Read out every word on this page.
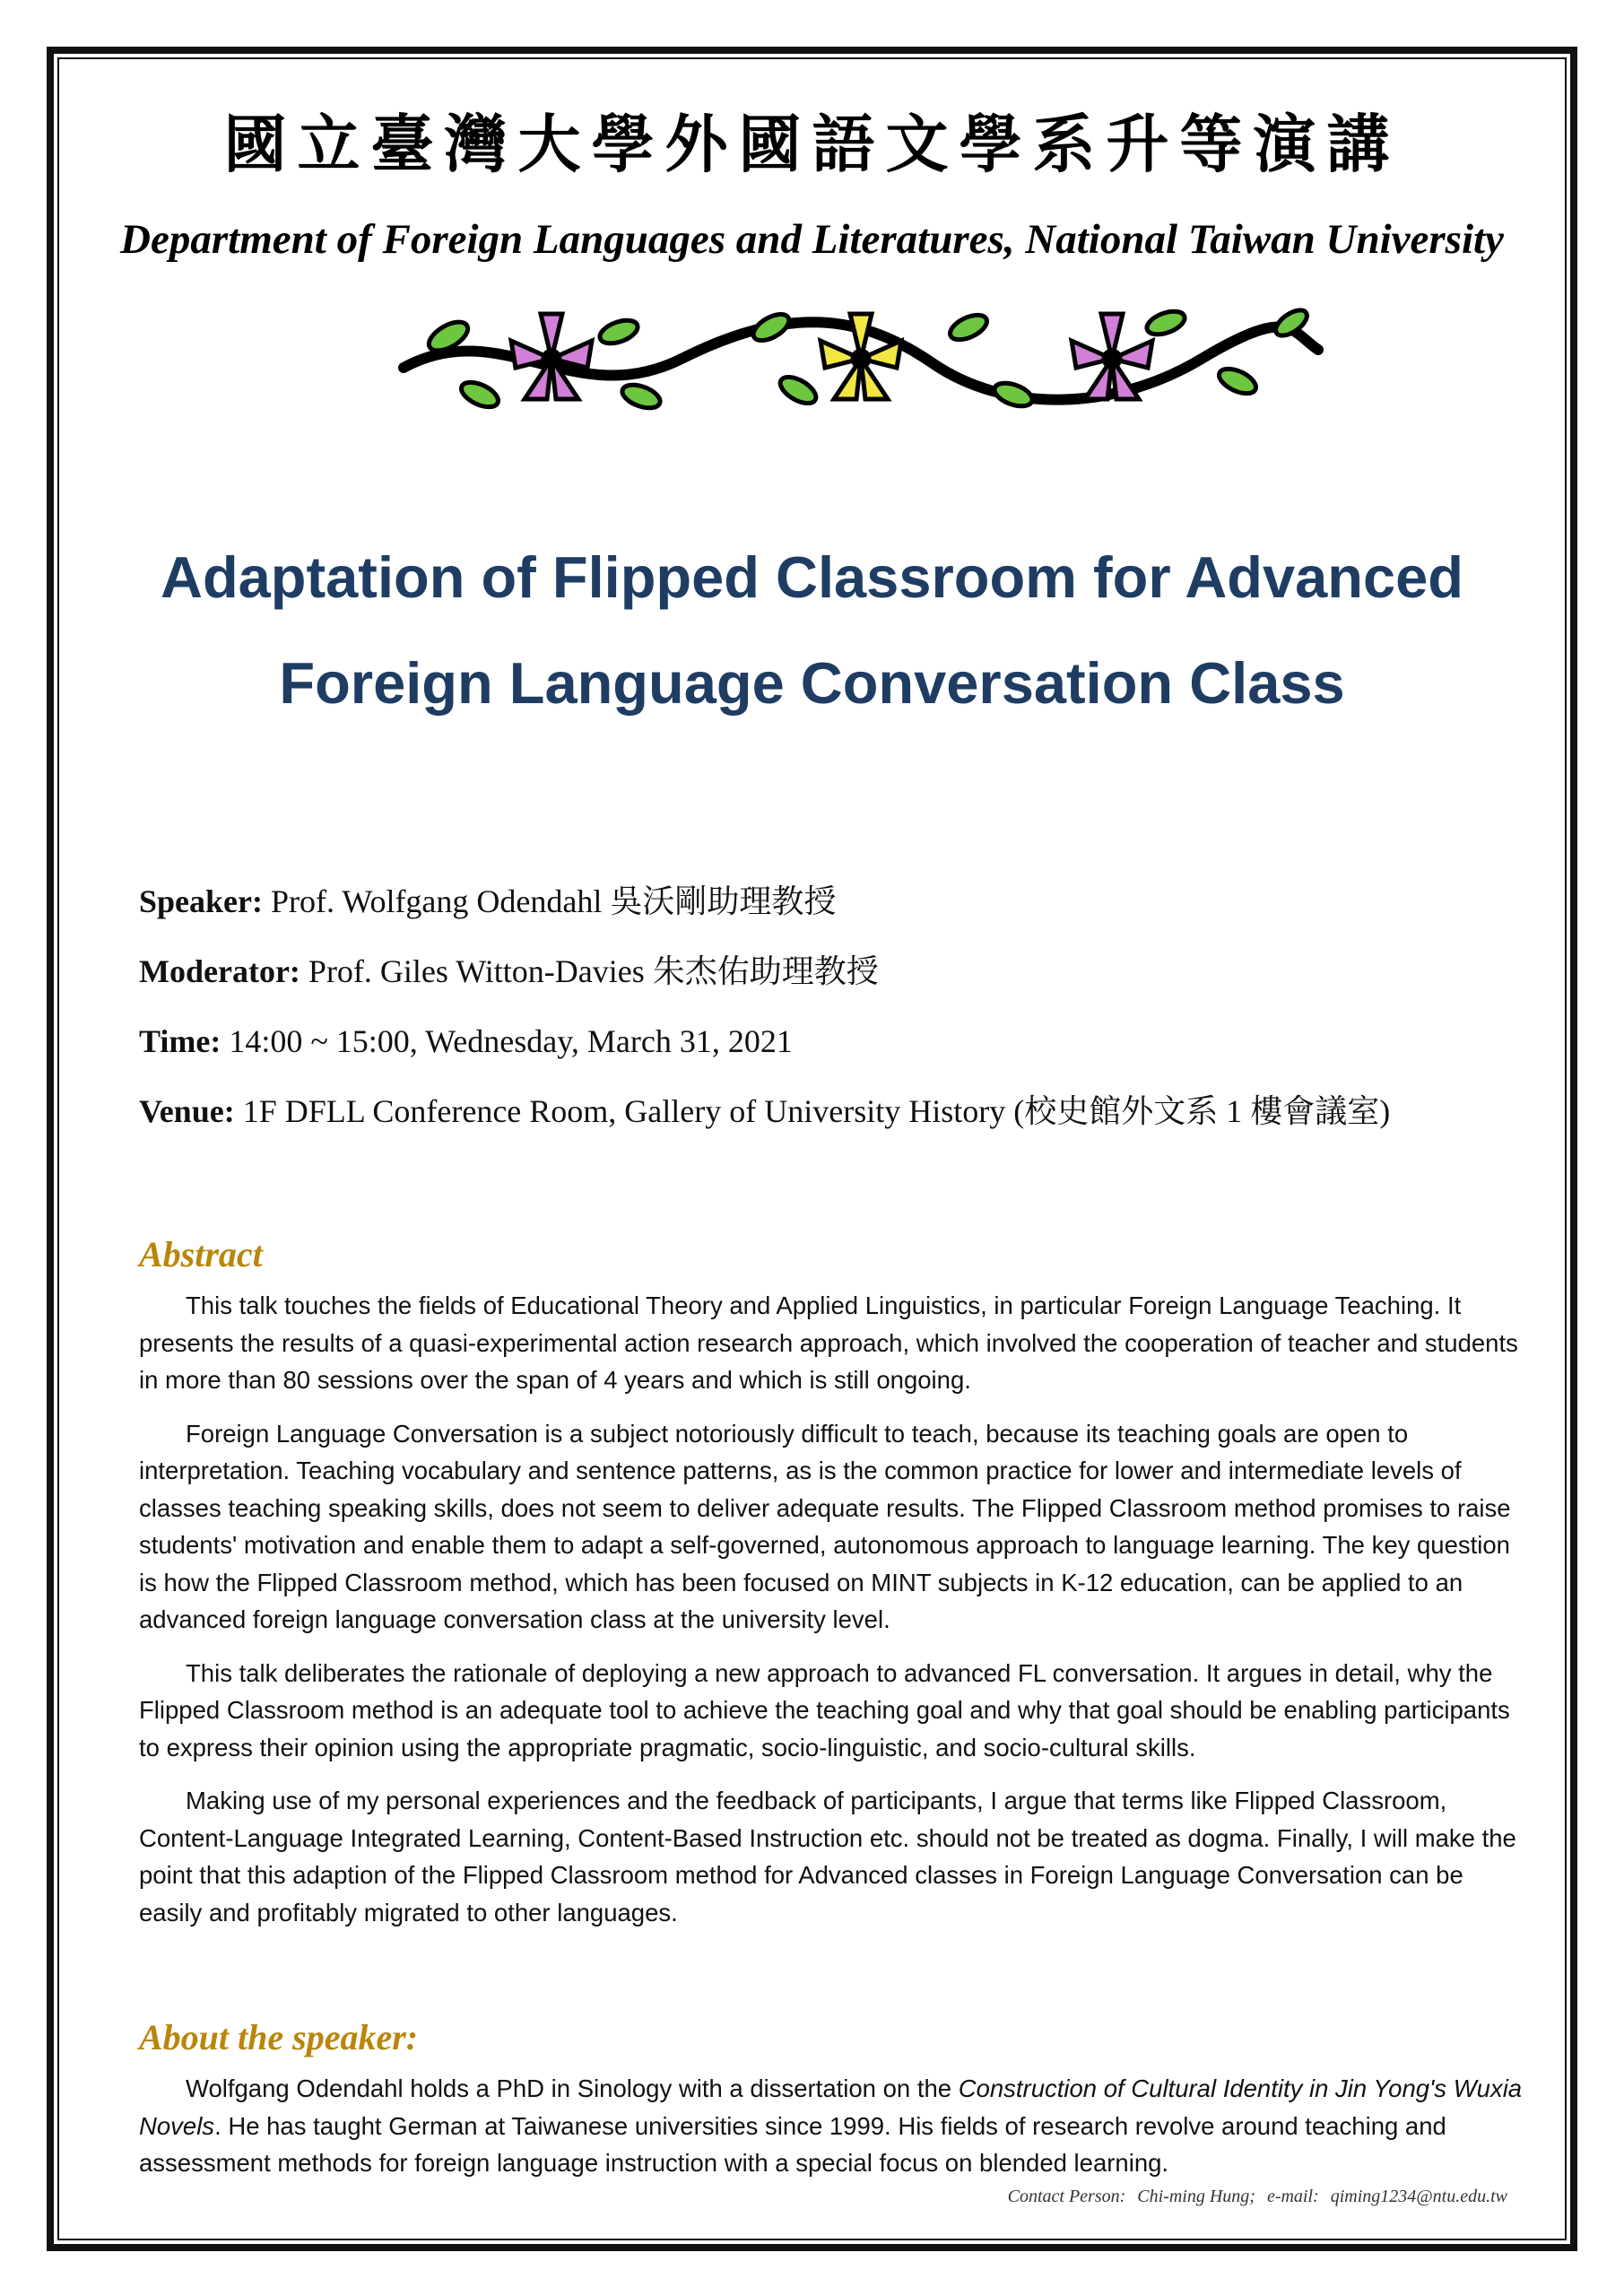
國立臺灣大學外國語文學系升等演講
Department of Foreign Languages and Literatures, National Taiwan University
Adaptation of Flipped Classroom for Advanced
Foreign Language Conversation Class
Speaker: Prof. Wolfgang Odendahl 吳沃剛助理教授
Moderator: Prof. Giles Witton-Davies 朱杰佑助理教授
Time: 14:00 ~ 15:00, Wednesday, March 31, 2021
Venue: 1F DFLL Conference Room, Gallery of University History (校史館外文系 1 樓會議室)
Abstract

This talk touches the fields of Educational Theory and Applied Linguistics, in particular Foreign Language Teaching. It presents the results of a quasi-experimental action research approach, which involved the cooperation of teacher and students in more than 80 sessions over the span of 4 years and which is still ongoing.

Foreign Language Conversation is a subject notoriously difficult to teach, because its teaching goals are open to interpretation. Teaching vocabulary and sentence patterns, as is the common practice for lower and intermediate levels of classes teaching speaking skills, does not seem to deliver adequate results. The Flipped Classroom method promises to raise students' motivation and enable them to adapt a self-governed, autonomous approach to language learning. The key question is how the Flipped Classroom method, which has been focused on MINT subjects in K-12 education, can be applied to an advanced foreign language conversation class at the university level.

This talk deliberates the rationale of deploying a new approach to advanced FL conversation. It argues in detail, why the Flipped Classroom method is an adequate tool to achieve the teaching goal and why that goal should be enabling participants to express their opinion using the appropriate pragmatic, socio-linguistic, and socio-cultural skills.

Making use of my personal experiences and the feedback of participants, I argue that terms like Flipped Classroom, Content-Language Integrated Learning, Content-Based Instruction etc. should not be treated as dogma. Finally, I will make the point that this adaption of the Flipped Classroom method for Advanced classes in Foreign Language Conversation can be easily and profitably migrated to other languages.

About the speaker:

Wolfgang Odendahl holds a PhD in Sinology with a dissertation on the Construction of Cultural Identity in Jin Yong's Wuxia Novels. He has taught German at Taiwanese universities since 1999. His fields of research revolve around teaching and assessment methods for foreign language instruction with a special focus on blended learning.

Contact Person: Chi-ming Hung; e-mail: qiming1234@ntu.edu.tw
